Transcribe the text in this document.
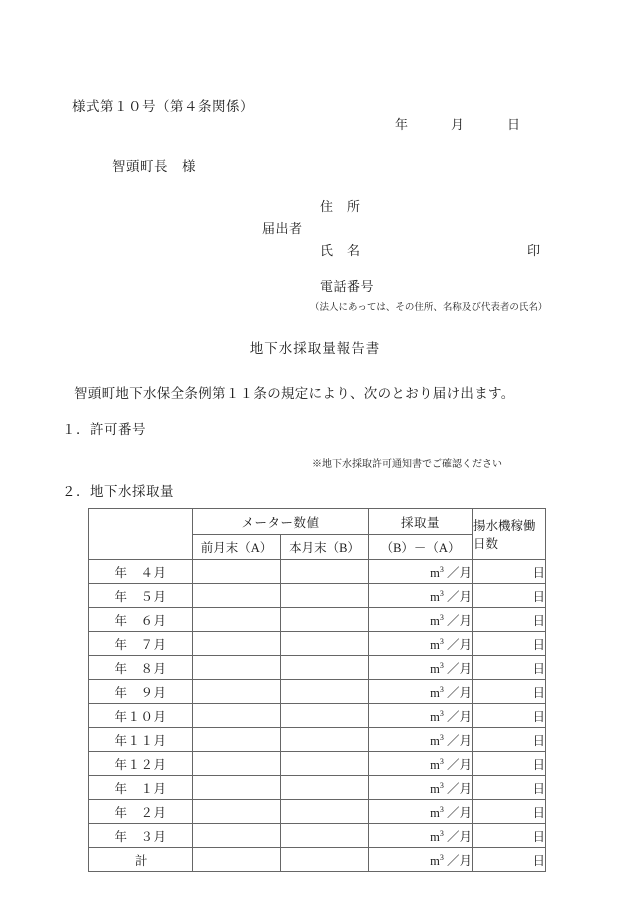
様式第１０号（第４条関係）
年	月	日
智頭町長　様
届出者
住　所
氏　名	印
電話番号
（法人にあっては、その住所、名称及び代表者の氏名）
地下水採取量報告書
智頭町地下水保全条例第１１条の規定により、次のとおり届け出ます。
１．許可番号
※地下水採取許可通知書でご確認ください
２．地下水採取量
	メーター数値		採取量	揚水機稼働日数
	前月末（A）	本月末（B）	（B）－（A）	
年　４月			$m^3$ ／月	日
年　５月			$m^3$ ／月	日
年　６月			$m^3$ ／月	日
年　７月			$m^3$ ／月	日
年　８月			$m^3$ ／月	日
年　９月			$m^3$ ／月	日
年１０月			$m^3$ ／月	日
年１１月			$m^3$ ／月	日
年１２月			$m^3$ ／月	日
年　１月			$m^3$ ／月	日
年　２月			$m^3$ ／月	日
年　３月			$m^3$ ／月	日
計			$m^3$ ／月	日
